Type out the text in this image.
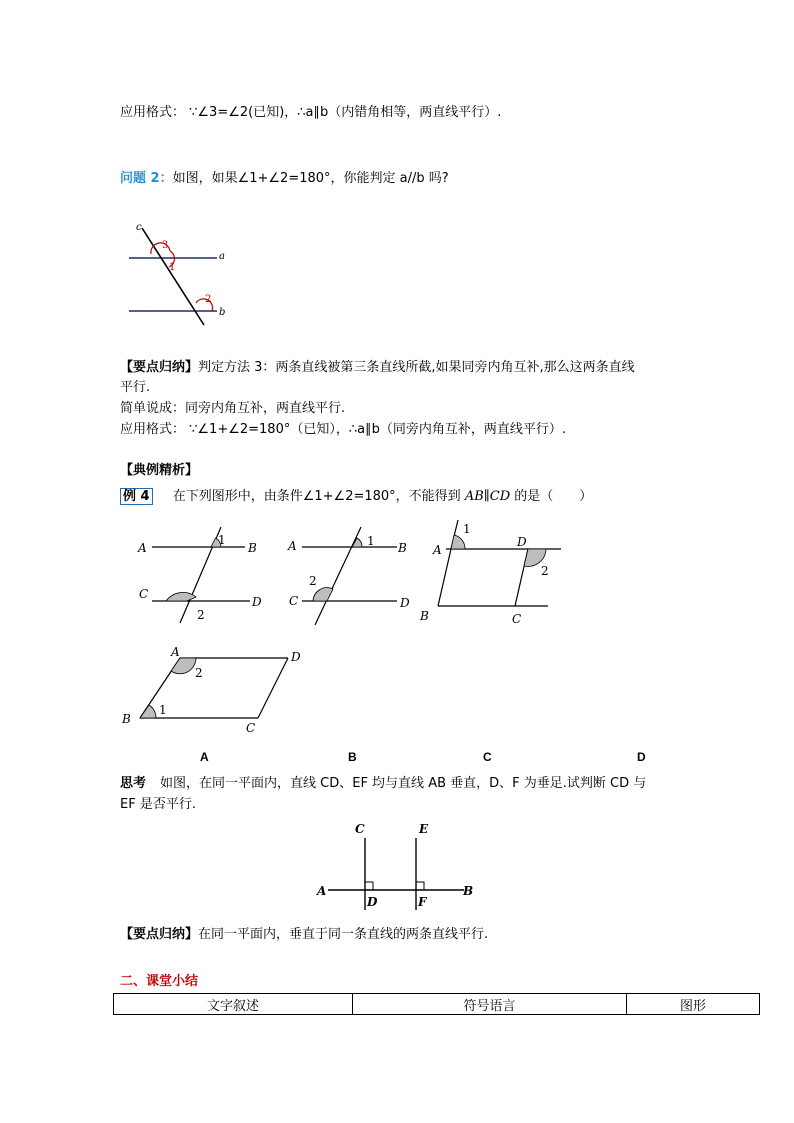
应用格式： ∵∠3=∠2(已知)，∴a∥b（内错角相等，两直线平行）.
问题 2：如图，如果∠1+∠2=180°，你能判定 a//b 吗?
c
a
b
3
1
2
【要点归纳】判定方法 3：两条直线被第三条直线所截,如果同旁内角互补,那么这两条直线
平行.
简单说成：同旁内角互补，两直线平行.
应用格式： ∵∠1+∠2=180°（已知），∴a∥b（同旁内角互补，两直线平行）.
【典例精析】
例 4 在下列图形中，由条件∠1+∠2=180°，不能得到 AB∥CD 的是（　　）
A	B
C
D
1
2
A	B
C	D
1
2
A
D
B	C
1
2
A	D
B
C
1
2
A	B	C	D
思考 如图，在同一平面内，直线 CD、EF 均与直线 AB 垂直，D、F 为垂足.试判断 CD 与
EF 是否平行.
C	E
A	B
D	F
【要点归纳】在同一平面内，垂直于同一条直线的两条直线平行.
二、课堂小结
文字叙述	符号语言	图形
